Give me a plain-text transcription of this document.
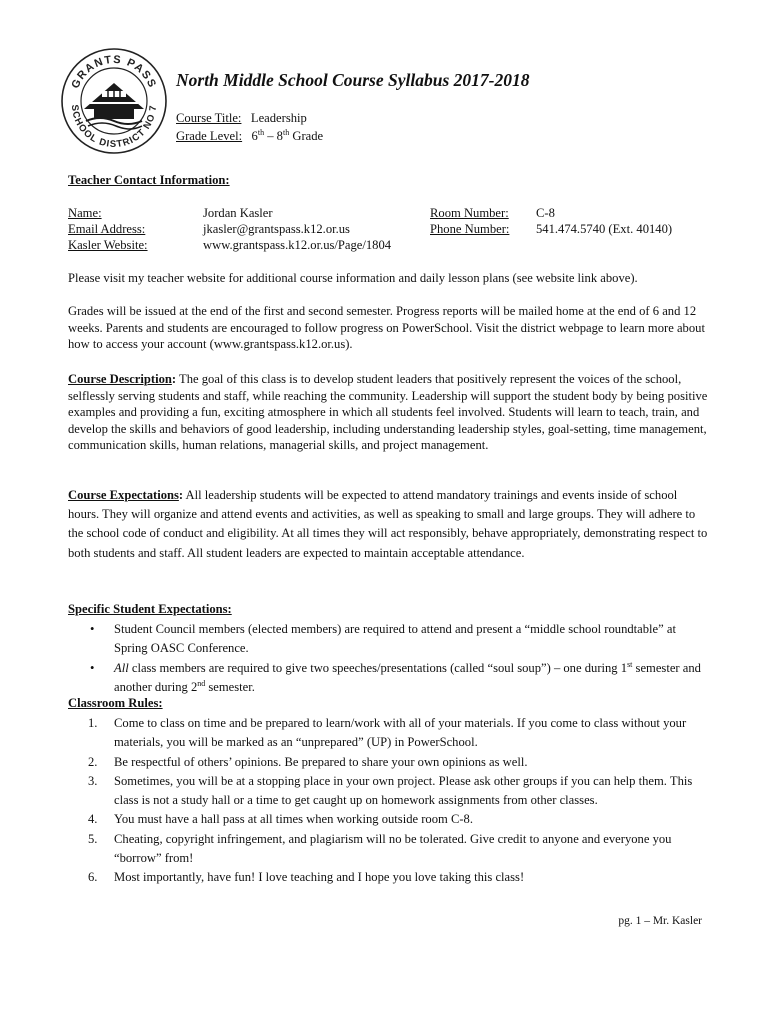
GRANTS PASS
SCHOOL DISTRICT NO 7
North Middle School Course Syllabus 2017-2018
Course Title: Leadership
Grade Level: 6th – 8th Grade
Teacher Contact Information:
Name:	Jordan Kasler	Room Number: C-8
Email Address:	jkasler@grantspass.k12.or.us	Phone Number: 541.474.5740 (Ext. 40140)
Kasler Website:	www.grantspass.k12.or.us/Page/1804
Please visit my teacher website for additional course information and daily lesson plans (see website link above).
Grades will be issued at the end of the first and second semester. Progress reports will be mailed home at the end of 6 and 12 weeks. Parents and students are encouraged to follow progress on PowerSchool. Visit the district webpage to learn more about how to access your account (www.grantspass.k12.or.us).
Course Description: The goal of this class is to develop student leaders that positively represent the voices of the school, selflessly serving students and staff, while reaching the community. Leadership will support the student body by being positive examples and providing a fun, exciting atmosphere in which all students feel involved. Students will learn to teach, train, and develop the skills and behaviors of good leadership, including understanding leadership styles, goal-setting, time management, communication skills, human relations, managerial skills, and project management.
Course Expectations: All leadership students will be expected to attend mandatory trainings and events inside of school hours. They will organize and attend events and activities, as well as speaking to small and large groups. They will adhere to the school code of conduct and eligibility. At all times they will act responsibly, behave appropriately, demonstrating respect to both students and staff. All student leaders are expected to maintain acceptable attendance.
Specific Student Expectations:
• Student Council members (elected members) are required to attend and present a “middle school roundtable” at Spring OASC Conference.
• All class members are required to give two speeches/presentations (called “soul soup”) – one during 1st semester and another during 2nd semester.
Classroom Rules:
1. Come to class on time and be prepared to learn/work with all of your materials. If you come to class without your materials, you will be marked as an “unprepared” (UP) in PowerSchool.
2. Be respectful of others’ opinions. Be prepared to share your own opinions as well.
3. Sometimes, you will be at a stopping place in your own project. Please ask other groups if you can help them. This class is not a study hall or a time to get caught up on homework assignments from other classes.
4. You must have a hall pass at all times when working outside room C-8.
5. Cheating, copyright infringement, and plagiarism will no be tolerated. Give credit to anyone and everyone you “borrow” from!
6. Most importantly, have fun! I love teaching and I hope you love taking this class!
pg. 1 – Mr. Kasler
